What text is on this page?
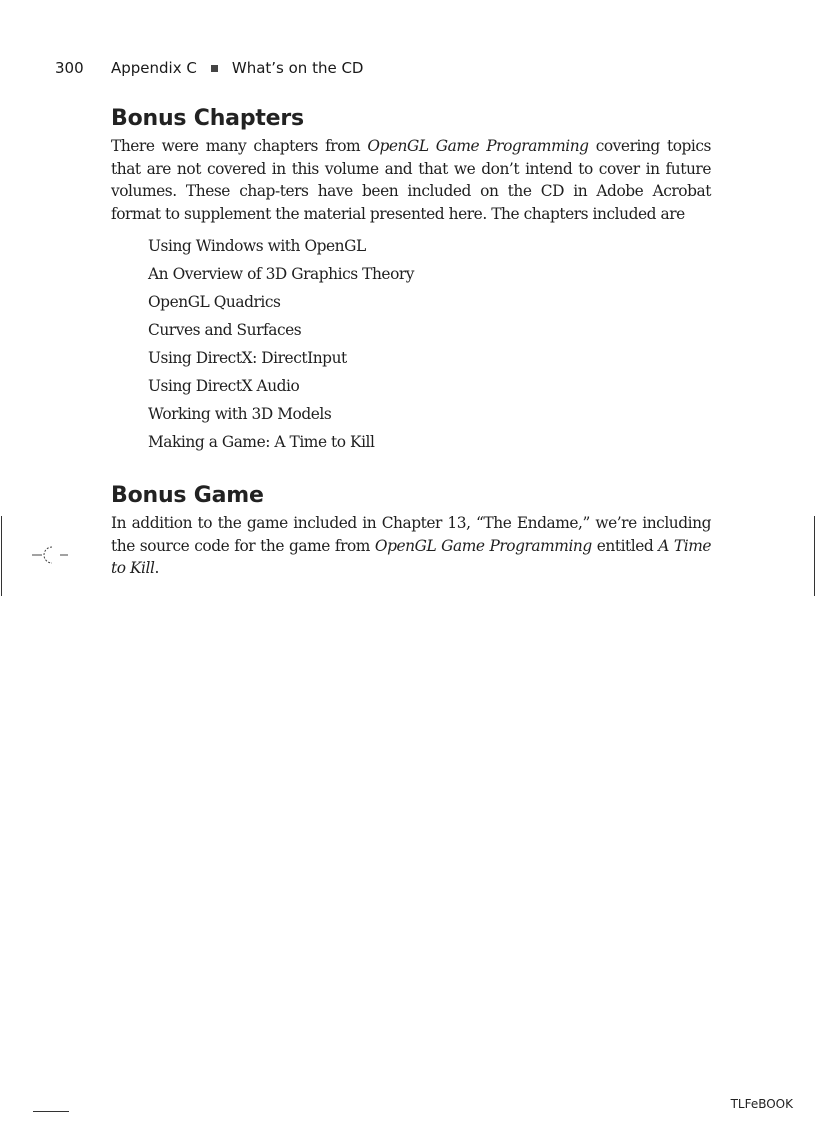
300 Appendix C What’s on the CD
Bonus Chapters

There were many chapters from OpenGL Game Programming covering topics that are not covered in this volume and that we don’t intend to cover in future volumes. These chap-ters have been included on the CD in Adobe Acrobat format to supplement the material presented here. The chapters included are

Using Windows with OpenGL
An Overview of 3D Graphics Theory
OpenGL Quadrics
Curves and Surfaces
Using DirectX: DirectInput
Using DirectX Audio
Working with 3D Models
Making a Game: A Time to Kill
Bonus Game

In addition to the game included in Chapter 13, “The Endame,” we’re including the source code for the game from OpenGL Game Programming entitled A Time to Kill.

TLFeBOOK
